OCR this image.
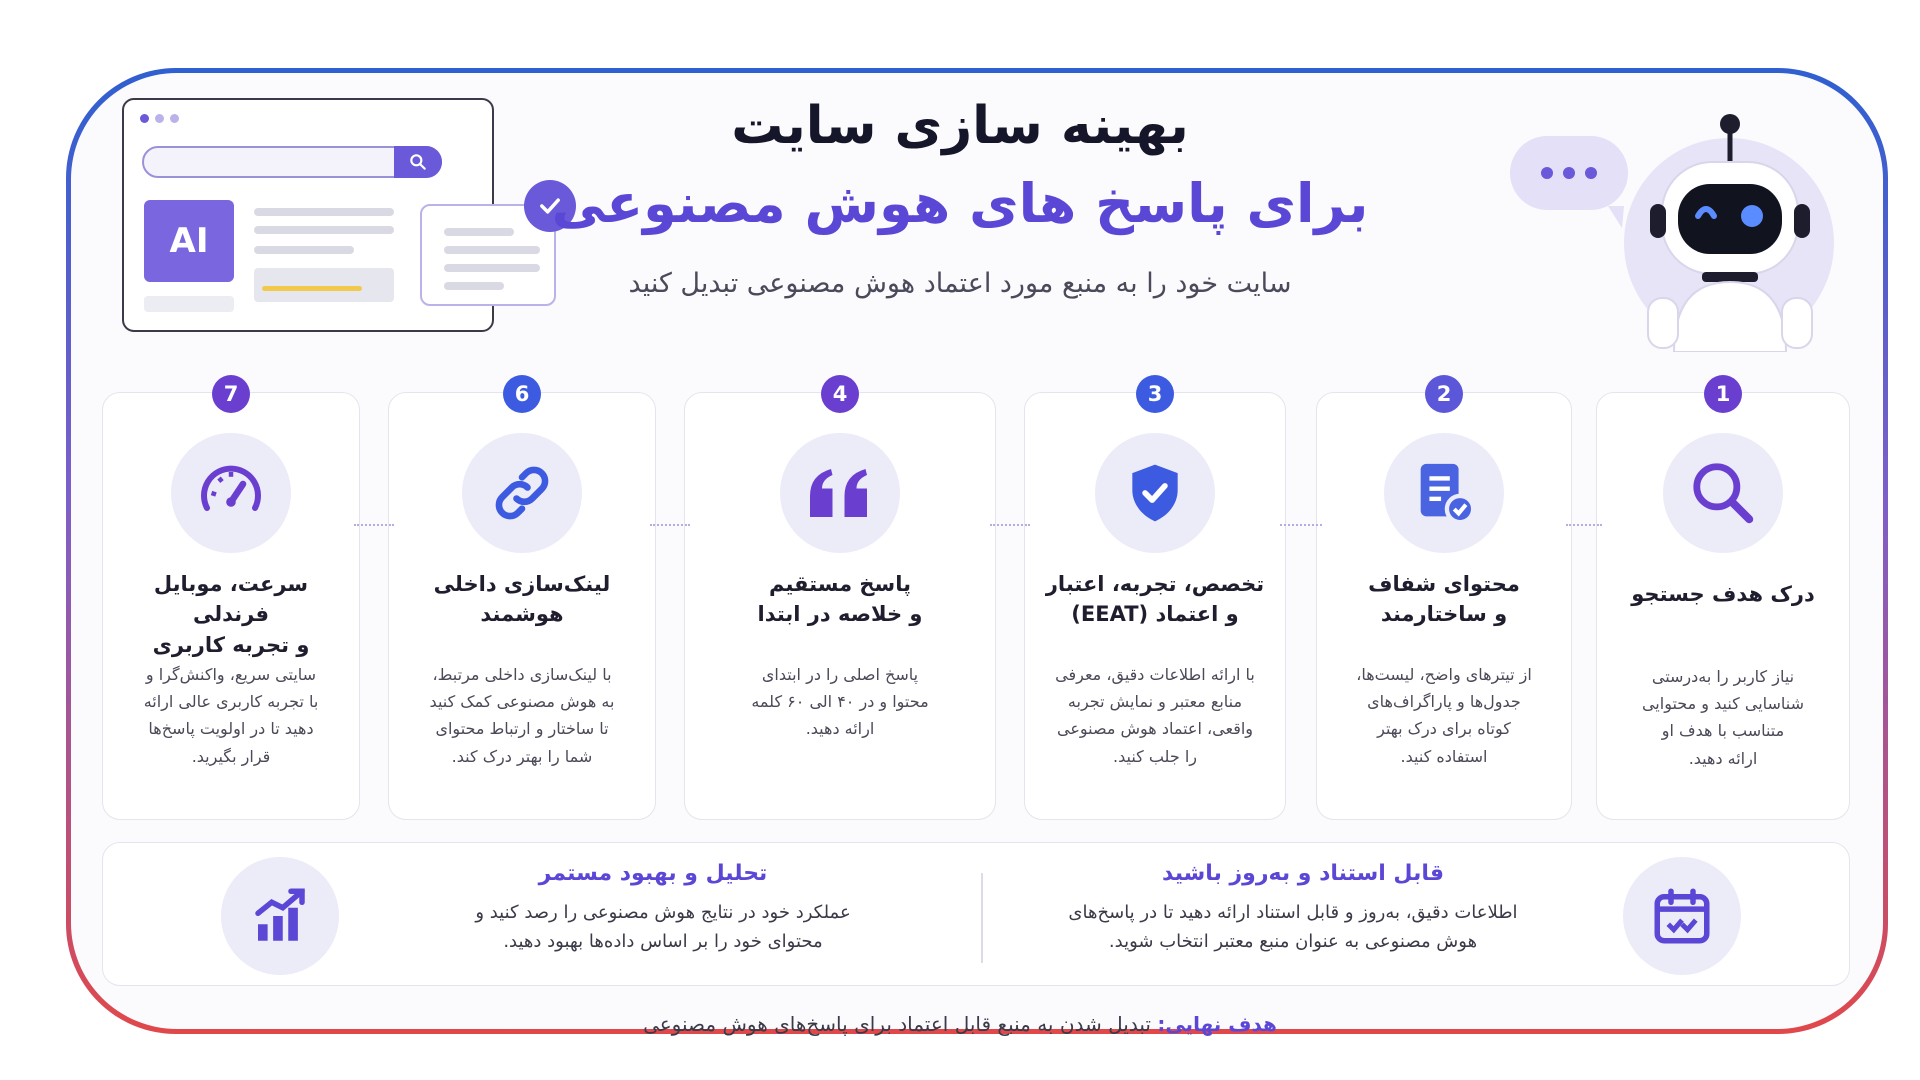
AI
بهینه سازی سایت
برای پاسخ های هوش مصنوعی
سایت خود را به منبع مورد اعتماد هوش مصنوعی تبدیل کنید
1
درک هدف جستجو
نیاز کاربر را به‌درستی
شناسایی کنید و محتوایی
متناسب با هدف او
ارائه دهید.
2
محتوای شفاف
و ساختارمند
از تیترهای واضح، لیست‌ها،
جدول‌ها و پاراگراف‌های
کوتاه برای درک بهتر
استفاده کنید.
3
تخصص، تجربه، اعتبار
و اعتماد (EEAT)
با ارائه اطلاعات دقیق، معرفی
منابع معتبر و نمایش تجربه
واقعی، اعتماد هوش مصنوعی
را جلب کنید.
4
پاسخ مستقیم
و خلاصه در ابتدا
پاسخ اصلی را در ابتدای
محتوا و در ۴۰ الی ۶۰ کلمه
ارائه دهید.
6
لینک‌سازی داخلی
هوشمند
با لینک‌سازی داخلی مرتبط،
به هوش مصنوعی کمک کنید
تا ساختار و ارتباط محتوای
شما را بهتر درک کند.
7
سرعت، موبایل فرندلی
و تجربه کاربری
سایتی سریع، واکنش‌گرا و
با تجربه کاربری عالی ارائه
دهید تا در اولویت پاسخ‌ها
قرار بگیرید.
قابل استناد و به‌روز باشید
اطلاعات دقیق، به‌روز و قابل استناد ارائه دهید تا در پاسخ‌های
هوش مصنوعی به عنوان منبع معتبر انتخاب شوید.
تحلیل و بهبود مستمر
عملکرد خود در نتایج هوش مصنوعی را رصد کنید و
محتوای خود را بر اساس داده‌ها بهبود دهید.
هدف نهایی: تبدیل شدن به منبع قابل اعتماد برای پاسخ‌های هوش مصنوعی
